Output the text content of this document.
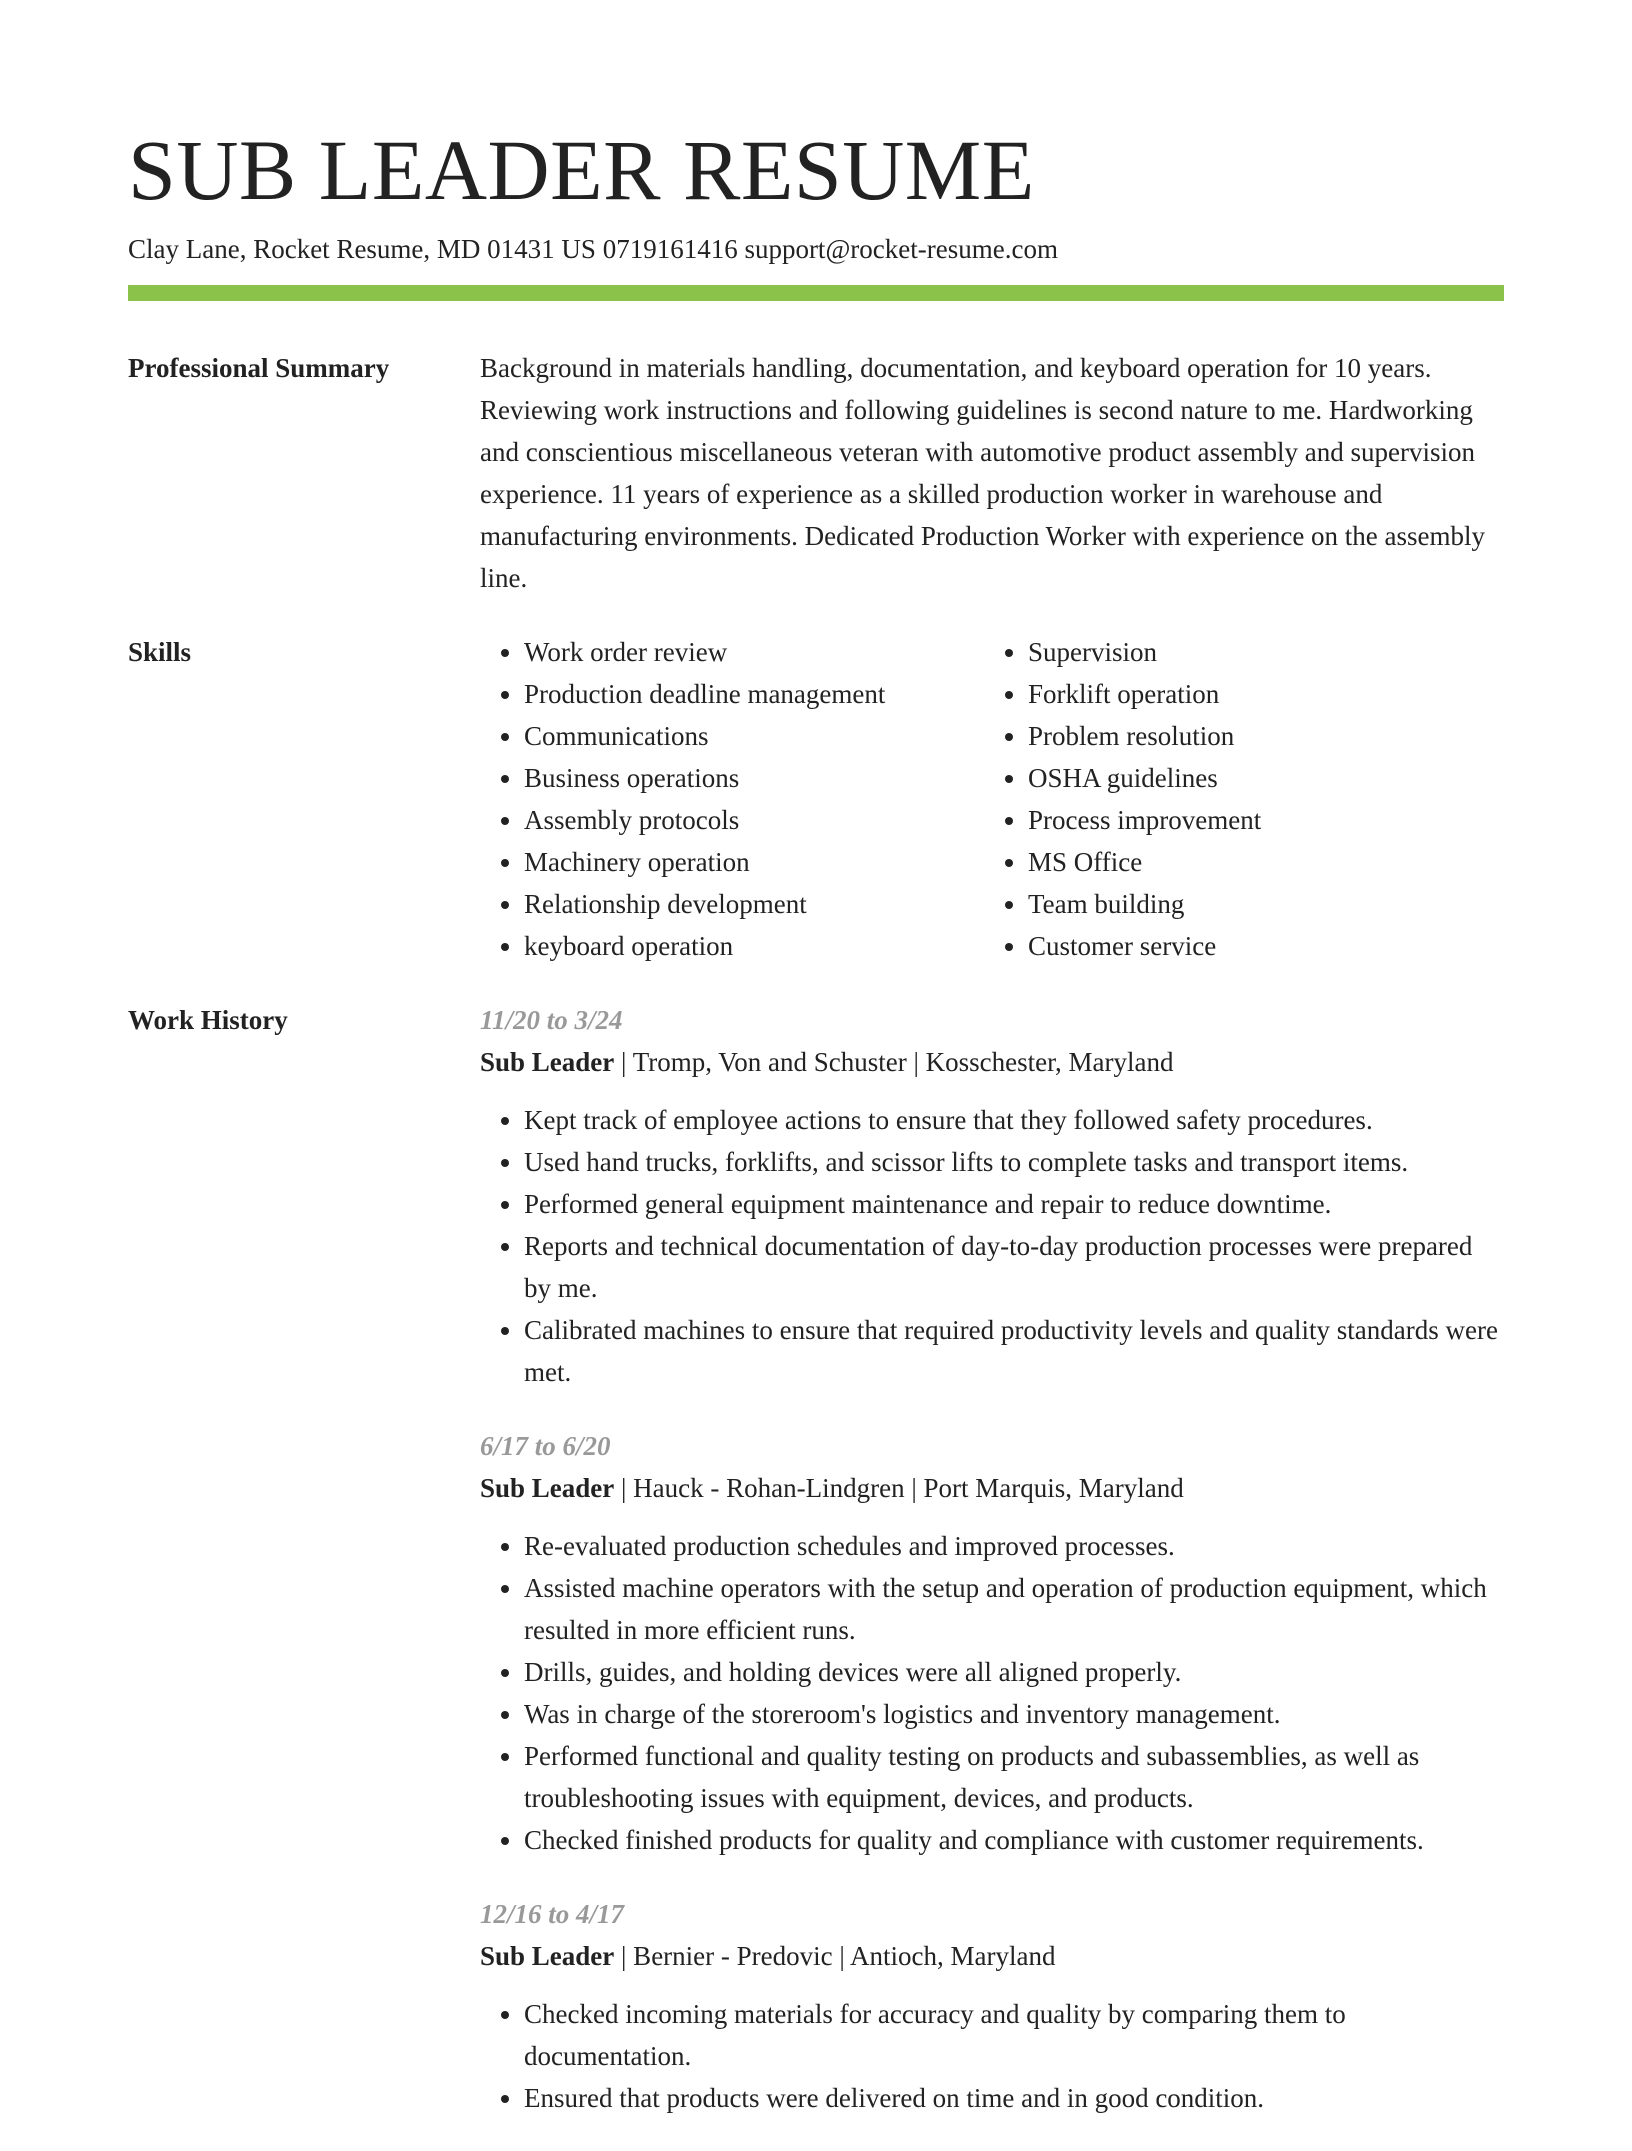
SUB LEADER RESUME
Clay Lane, Rocket Resume, MD 01431 US 0719161416 support@rocket-resume.com
Professional Summary	Background in materials handling, documentation, and keyboard operation for 10 years. Reviewing work instructions and following guidelines is second nature to me. Hardworking and conscientious miscellaneous veteran with automotive product assembly and supervision experience. 11 years of experience as a skilled production worker in warehouse and manufacturing environments. Dedicated Production Worker with experience on the assembly line.

Skills
•	Work order review
• Production deadline management
• Communications
• Business operations
• Assembly protocols
• Machinery operation
• Relationship development
• keyboard operation
• Supervision
• Forklift operation
• Problem resolution
• OSHA guidelines
• Process improvement
• MS Office
• Team building
• Customer service
Work History	11/20 to 3/24
Sub Leader | Tromp, Von and Schuster | Kosschester, Maryland
• Kept track of employee actions to ensure that they followed safety procedures.
• Used hand trucks, forklifts, and scissor lifts to complete tasks and transport items.
• Performed general equipment maintenance and repair to reduce downtime.
• Reports and technical documentation of day-to-day production processes were prepared by me.
• Calibrated machines to ensure that required productivity levels and quality standards were met.
6/17 to 6/20
Sub Leader | Hauck - Rohan-Lindgren | Port Marquis, Maryland
• Re-evaluated production schedules and improved processes.
• Assisted machine operators with the setup and operation of production equipment, which resulted in more efficient runs.
• Drills, guides, and holding devices were all aligned properly.
• Was in charge of the storeroom's logistics and inventory management.
• Performed functional and quality testing on products and subassemblies, as well as troubleshooting issues with equipment, devices, and products.
• Checked finished products for quality and compliance with customer requirements.
12/16 to 4/17
Sub Leader | Bernier - Predovic | Antioch, Maryland
• Checked incoming materials for accuracy and quality by comparing them to documentation.
• Ensured that products were delivered on time and in good condition.
